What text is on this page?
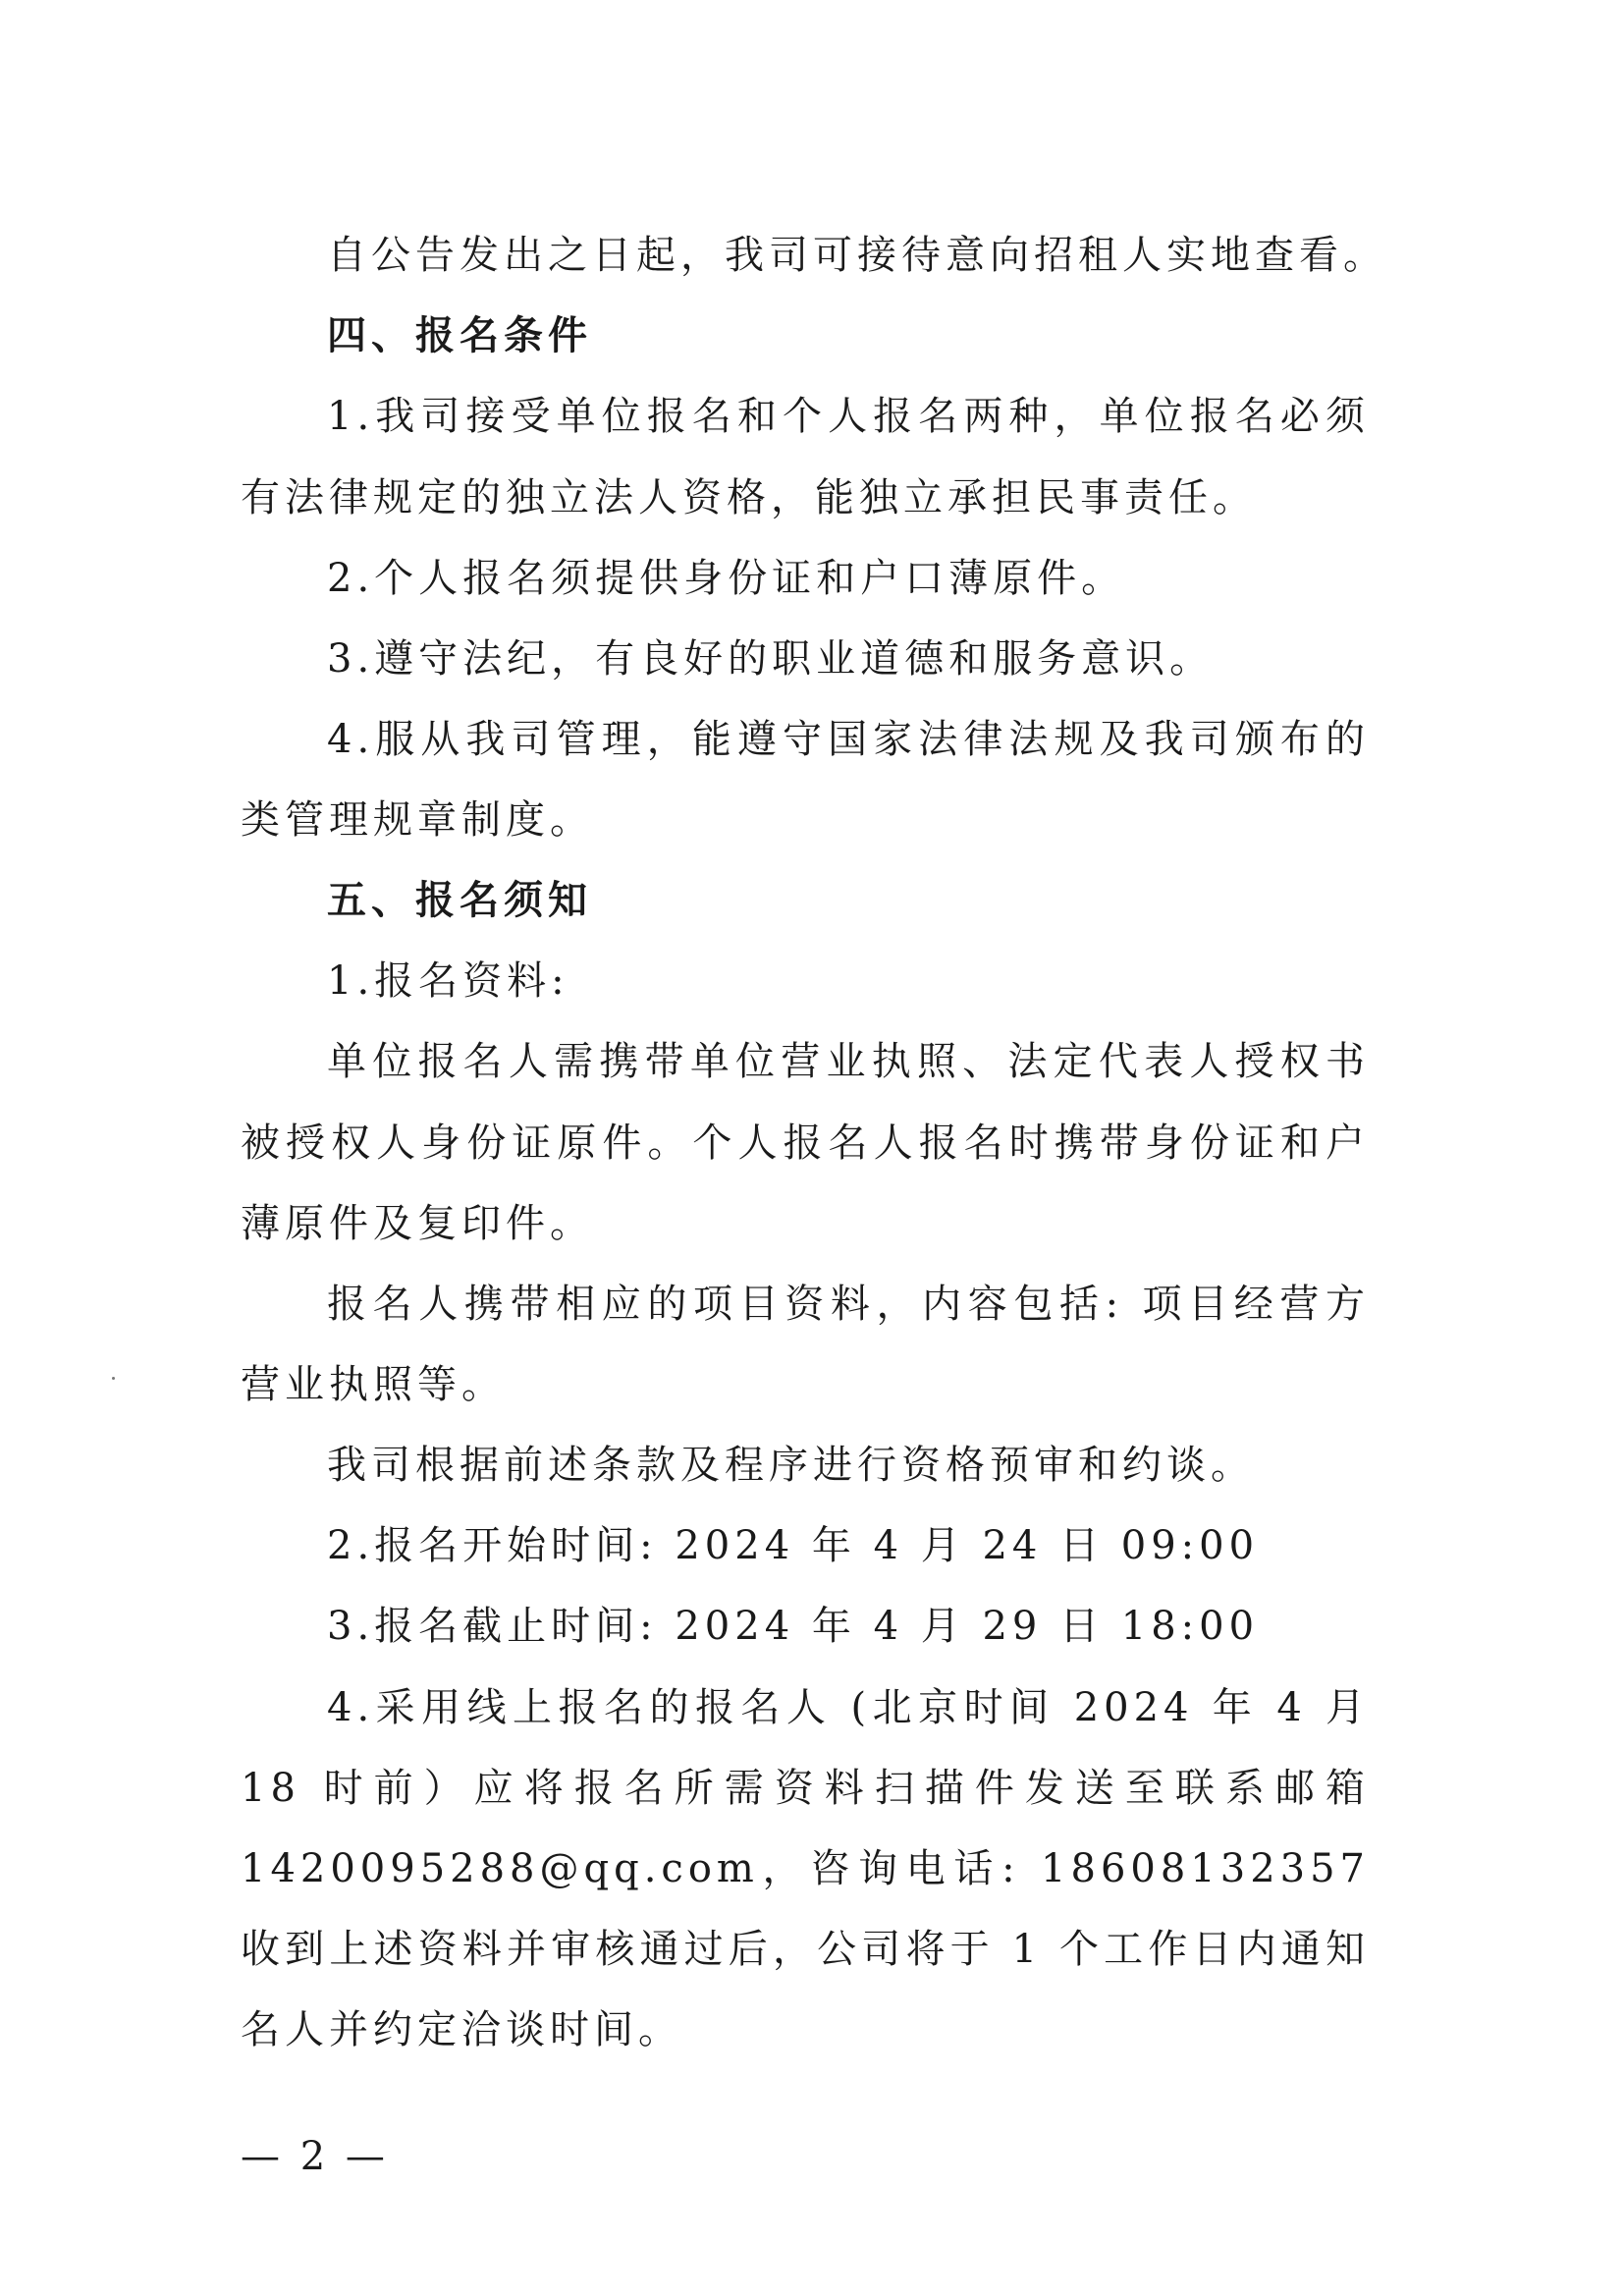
自公告发出之日起，我司可接待意向招租人实地查看。

四、报名条件

1.我司接受单位报名和个人报名两种，单位报名必须

有法律规定的独立法人资格，能独立承担民事责任。

2.个人报名须提供身份证和户口薄原件。

3.遵守法纪，有良好的职业道德和服务意识。

4.服从我司管理，能遵守国家法律法规及我司颁布的

类管理规章制度。

五、报名须知

1.报名资料:

单位报名人需携带单位营业执照、法定代表人授权书

被授权人身份证原件。个人报名人报名时携带身份证和户

薄原件及复印件。

报名人携带相应的项目资料，内容包括: 项目经营方

营业执照等。

我司根据前述条款及程序进行资格预审和约谈。

2.报名开始时间: 2024 年 4 月 24 日 09:00

3.报名截止时间: 2024 年 4 月 29 日 18:00

4.采用线上报名的报名人 (北京时间 2024 年 4 月

18 时前）应将报名所需资料扫描件发送至联系邮箱

1420095288@qq.com，咨询电话: 18608132357

收到上述资料并审核通过后，公司将于 1 个工作日内通知

名人并约定洽谈时间。

— 2 —
